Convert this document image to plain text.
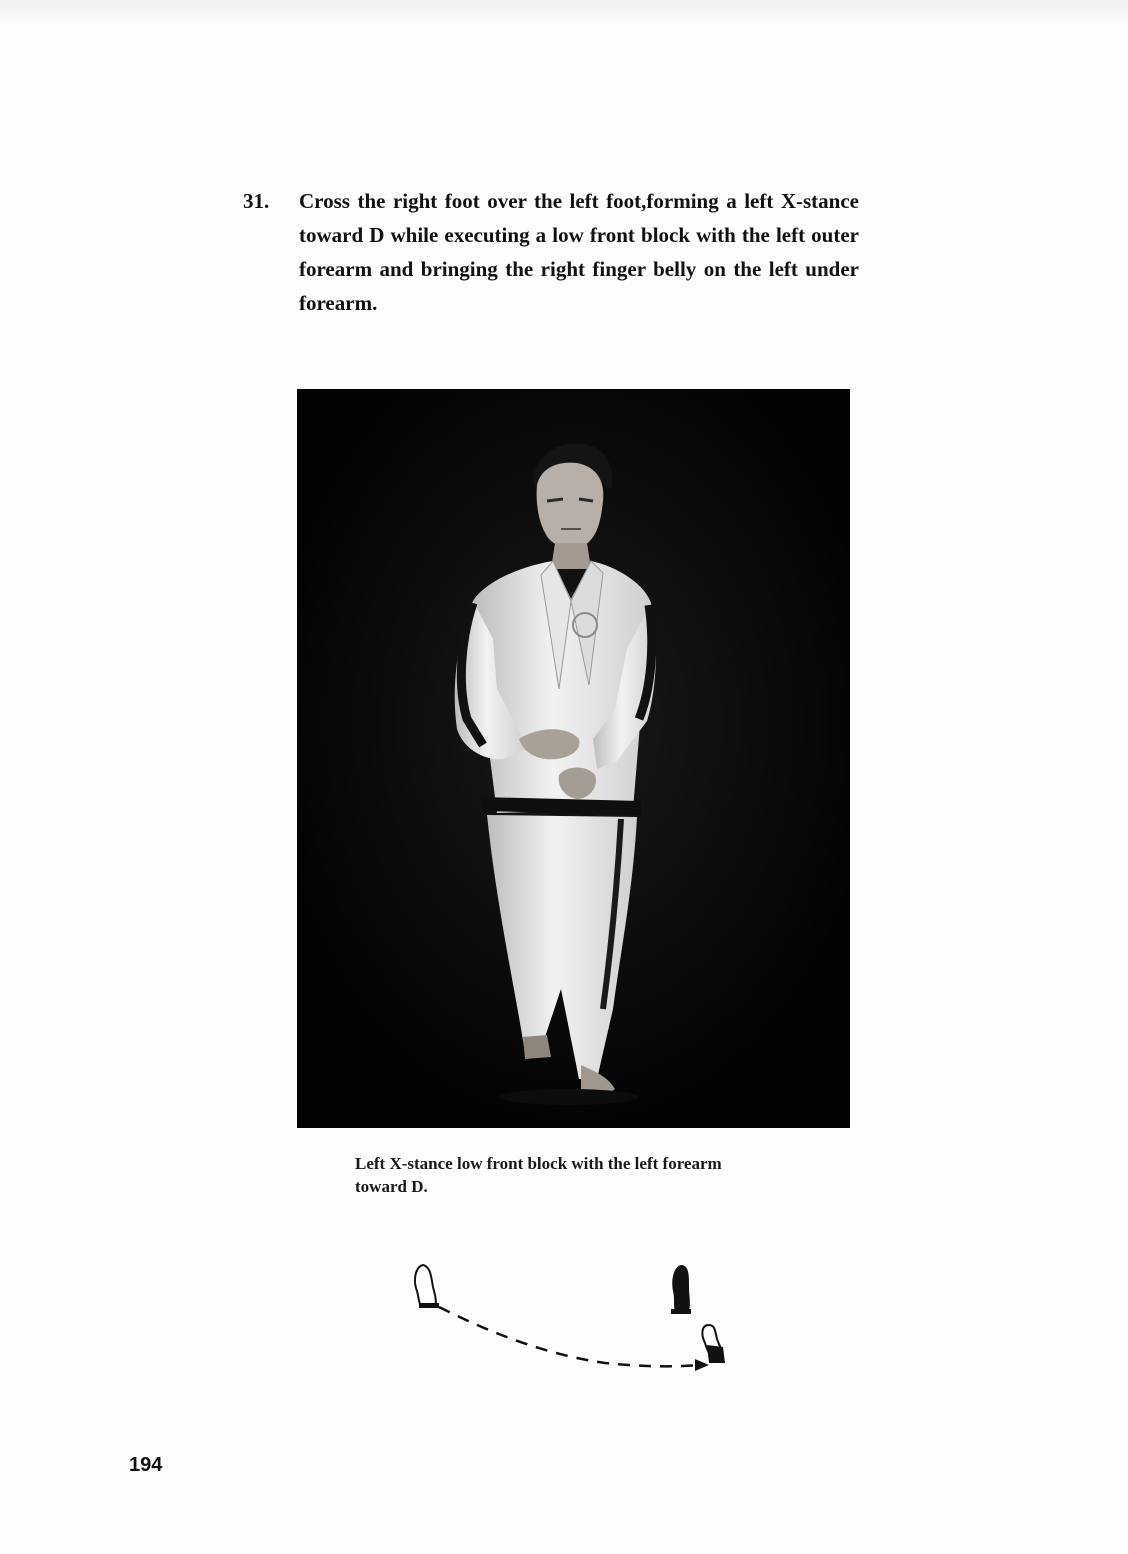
31. Cross the right foot over the left foot,forming a left X-stance toward D while executing a low front block with the left outer forearm and bringing the right finger belly on the left under forearm.
Left X-stance low front block with the left forearm toward D.
194
